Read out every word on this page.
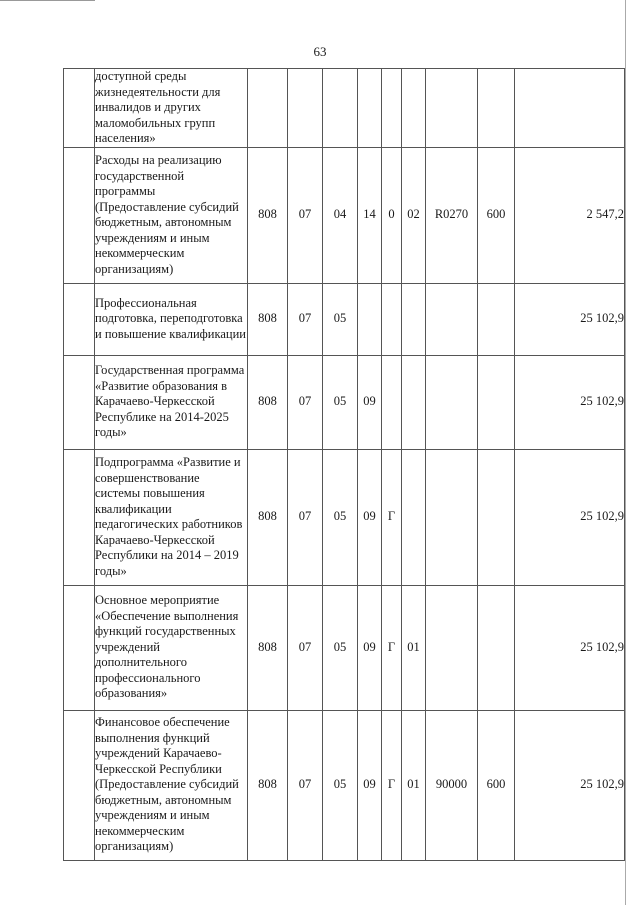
63

	доступной среды жизнедеятельности для инвалидов и других маломобильных групп населения»									

	Расходы на реализацию государственной программы (Предоставление субсидий бюджетным, автономным учреждениям и иным некоммерческим организациям)	808	07	04	14	0	02	R0270	600	2 547,2

	Профессиональная подготовка, переподготовка и повышение квалификации	808	07	05						25 102,9

	Государственная программа «Развитие образования в Карачаево-Черкесской Республике на 2014-2025 годы»	808	07	05	09					25 102,9

	Подпрограмма «Развитие и совершенствование системы повышения квалификации педагогических работников Карачаево-Черкесской Республики на 2014 – 2019 годы»	808	07	05	09	Г				25 102,9

	Основное мероприятие «Обеспечение выполнения функций государственных учреждений дополнительного профессионального образования»	808	07	05	09	Г	01			25 102,9

	Финансовое обеспечение выполнения функций учреждений Карачаево-Черкесской Республики (Предоставление субсидий бюджетным, автономным учреждениям и иным некоммерческим организациям)	808	07	05	09	Г	01	90000	600	25 102,9
